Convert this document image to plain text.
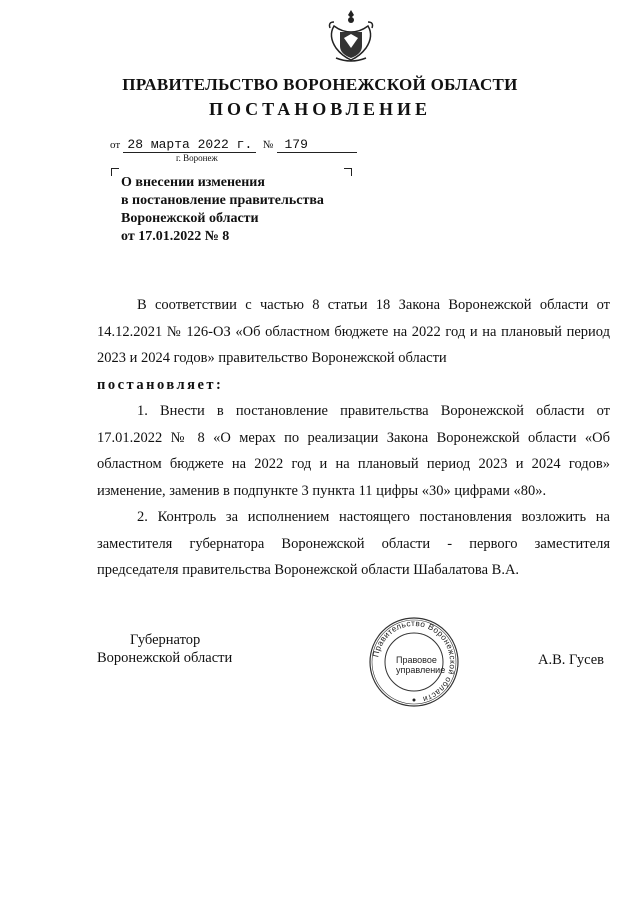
ПРАВИТЕЛЬСТВО ВОРОНЕЖСКОЙ ОБЛАСТИ
ПОСТАНОВЛЕНИЕ
от 28 марта 2022 г. № 179
г. Воронеж
О внесении изменения
в постановление правительства
Воронежской области
от 17.01.2022 № 8

В соответствии с частью 8 статьи 18 Закона Воронежской области от 14.12.2021 № 126-ОЗ «Об областном бюджете на 2022 год и на плановый период 2023 и 2024 годов» правительство Воронежской области
постановляет:

1. Внести в постановление правительства Воронежской области от 17.01.2022 № 8 «О мерах по реализации Закона Воронежской области «Об областном бюджете на 2022 год и на плановый период 2023 и 2024 годов» изменение, заменив в подпункте 3 пункта 11 цифры «30» цифрами «80».

2. Контроль за исполнением настоящего постановления возложить на заместителя губернатора Воронежской области - первого заместителя председателя правительства Воронежской области Шабалатова В.А.

Губернатор
Воронежской области	Правительство Воронежской области
Правовое
управление
А.В. Гусев
